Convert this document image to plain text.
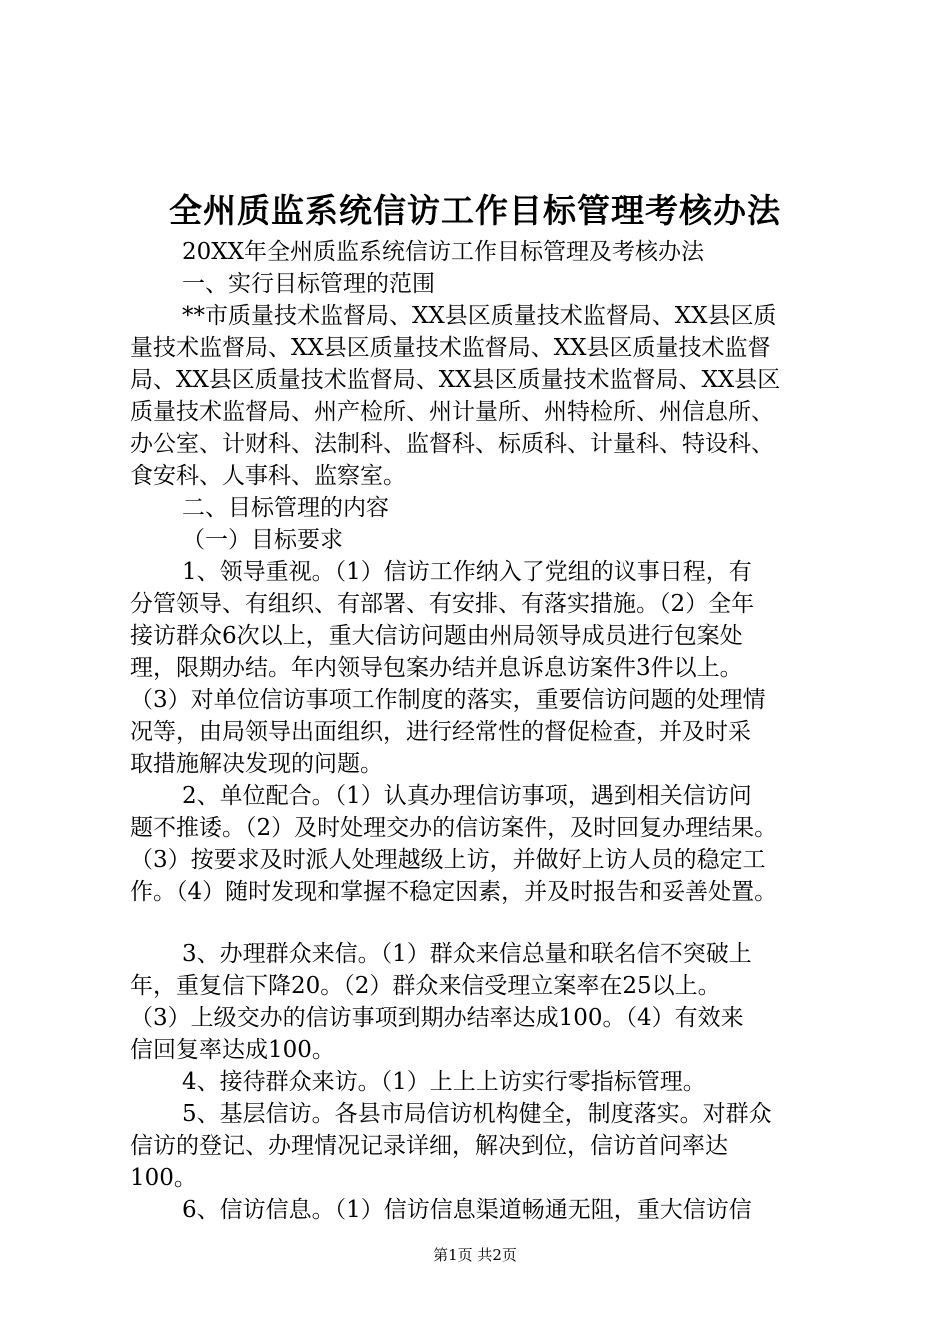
全州质监系统信访工作目标管理考核办法

20XX年全州质监系统信访工作目标管理及考核办法

一、实行目标管理的范围

**市质量技术监督局、XX县区质量技术监督局、XX县区质

量技术监督局、XX县区质量技术监督局、XX县区质量技术监督

局、XX县区质量技术监督局、XX县区质量技术监督局、XX县区

质量技术监督局、州产检所、州计量所、州特检所、州信息所、

办公室、计财科、法制科、监督科、标质科、计量科、特设科、

食安科、人事科、监察室。

二、目标管理的内容

（一）目标要求

1、领导重视。（1）信访工作纳入了党组的议事日程，有

分管领导、有组织、有部署、有安排、有落实措施。（2）全年

接访群众6次以上，重大信访问题由州局领导成员进行包案处

理，限期办结。年内领导包案办结并息诉息访案件3件以上。

（3）对单位信访事项工作制度的落实，重要信访问题的处理情

况等，由局领导出面组织，进行经常性的督促检查，并及时采

取措施解决发现的问题。

2、单位配合。（1）认真办理信访事项，遇到相关信访问

题不推诿。（2）及时处理交办的信访案件，及时回复办理结果。

（3）按要求及时派人处理越级上访，并做好上访人员的稳定工

作。（4）随时发现和掌握不稳定因素，并及时报告和妥善处置。

3、办理群众来信。（1）群众来信总量和联名信不突破上

年，重复信下降20。（2）群众来信受理立案率在25以上。

（3）上级交办的信访事项到期办结率达成100。（4）有效来

信回复率达成100。

4、接待群众来访。（1）上上上访实行零指标管理。

5、基层信访。各县市局信访机构健全，制度落实。对群众

信访的登记、办理情况记录详细，解决到位，信访首问率达

100。

6、信访信息。（1）信访信息渠道畅通无阻，重大信访信

第1页 共2页
